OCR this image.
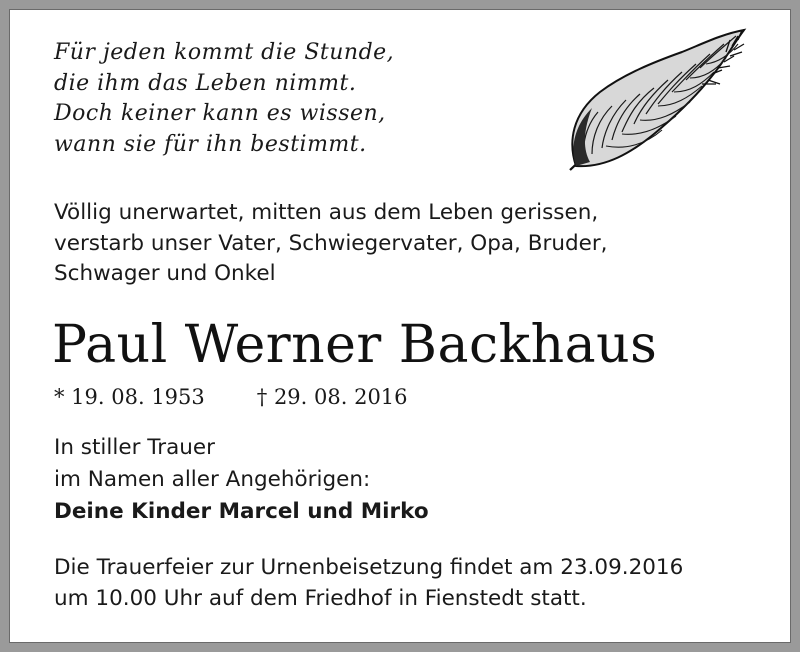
Für jeden kommt die Stunde,
die ihm das Leben nimmt.
Doch keiner kann es wissen,
wann sie für ihn bestimmt.
Völlig unerwartet, mitten aus dem Leben gerissen,
verstarb unser Vater, Schwiegervater, Opa, Bruder,
Schwager und Onkel
Paul Werner Backhaus
* 19. 08. 1953 † 29. 08. 2016
In stiller Trauer
im Namen aller Angehörigen:
Deine Kinder Marcel und Mirko
Die Trauerfeier zur Urnenbeisetzung findet am 23.09.2016
um 10.00 Uhr auf dem Friedhof in Fienstedt statt.
